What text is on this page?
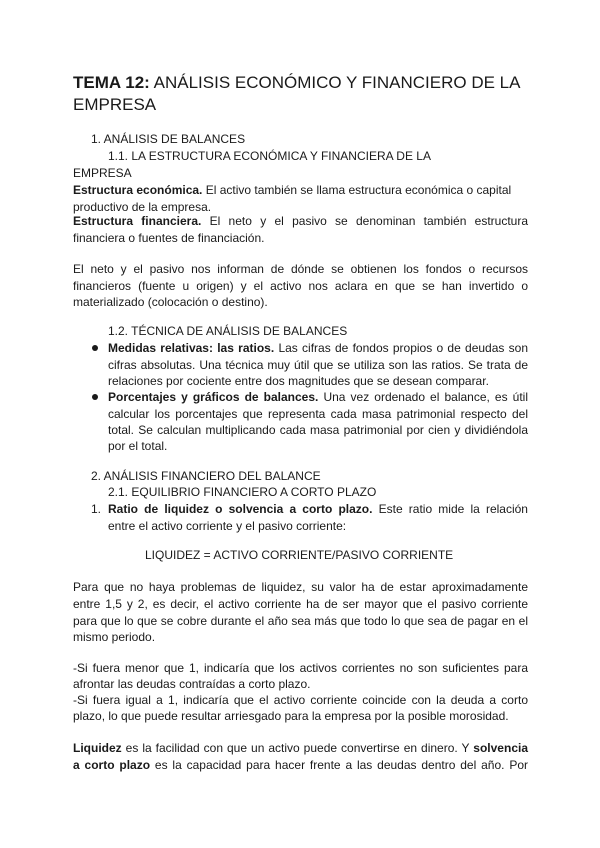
TEMA 12: ANÁLISIS ECONÓMICO Y FINANCIERO DE LA
EMPRESA
1. ANÁLISIS DE BALANCES
1.1. LA ESTRUCTURA ECONÓMICA Y FINANCIERA DE LA
EMPRESA
Estructura económica. El activo también se llama estructura económica o capital
productivo de la empresa.
Estructura financiera. El neto y el pasivo se denominan también estructura
financiera o fuentes de financiación.
El neto y el pasivo nos informan de dónde se obtienen los fondos o recursos
financieros (fuente u origen) y el activo nos aclara en que se han invertido o
materializado (colocación o destino).
1.2. TÉCNICA DE ANÁLISIS DE BALANCES
Medidas relativas: las ratios. Las cifras de fondos propios o de deudas son
cifras absolutas. Una técnica muy útil que se utiliza son las ratios. Se trata de
relaciones por cociente entre dos magnitudes que se desean comparar.
Porcentajes y gráficos de balances. Una vez ordenado el balance, es útil
calcular los porcentajes que representa cada masa patrimonial respecto del
total. Se calculan multiplicando cada masa patrimonial por cien y dividiéndola
por el total.
2. ANÁLISIS FINANCIERO DEL BALANCE
2.1. EQUILIBRIO FINANCIERO A CORTO PLAZO
1. Ratio de liquidez o solvencia a corto plazo. Este ratio mide la relación
entre el activo corriente y el pasivo corriente:
LIQUIDEZ = ACTIVO CORRIENTE/PASIVO CORRIENTE
Para que no haya problemas de liquidez, su valor ha de estar aproximadamente
entre 1,5 y 2, es decir, el activo corriente ha de ser mayor que el pasivo corriente
para que lo que se cobre durante el año sea más que todo lo que sea de pagar en el
mismo periodo.
-Si fuera menor que 1, indicaría que los activos corrientes no son suficientes para
afrontar las deudas contraídas a corto plazo.
-Si fuera igual a 1, indicaría que el activo corriente coincide con la deuda a corto
plazo, lo que puede resultar arriesgado para la empresa por la posible morosidad.
Liquidez es la facilidad con que un activo puede convertirse en dinero. Y solvencia
a corto plazo es la capacidad para hacer frente a las deudas dentro del año. Por
